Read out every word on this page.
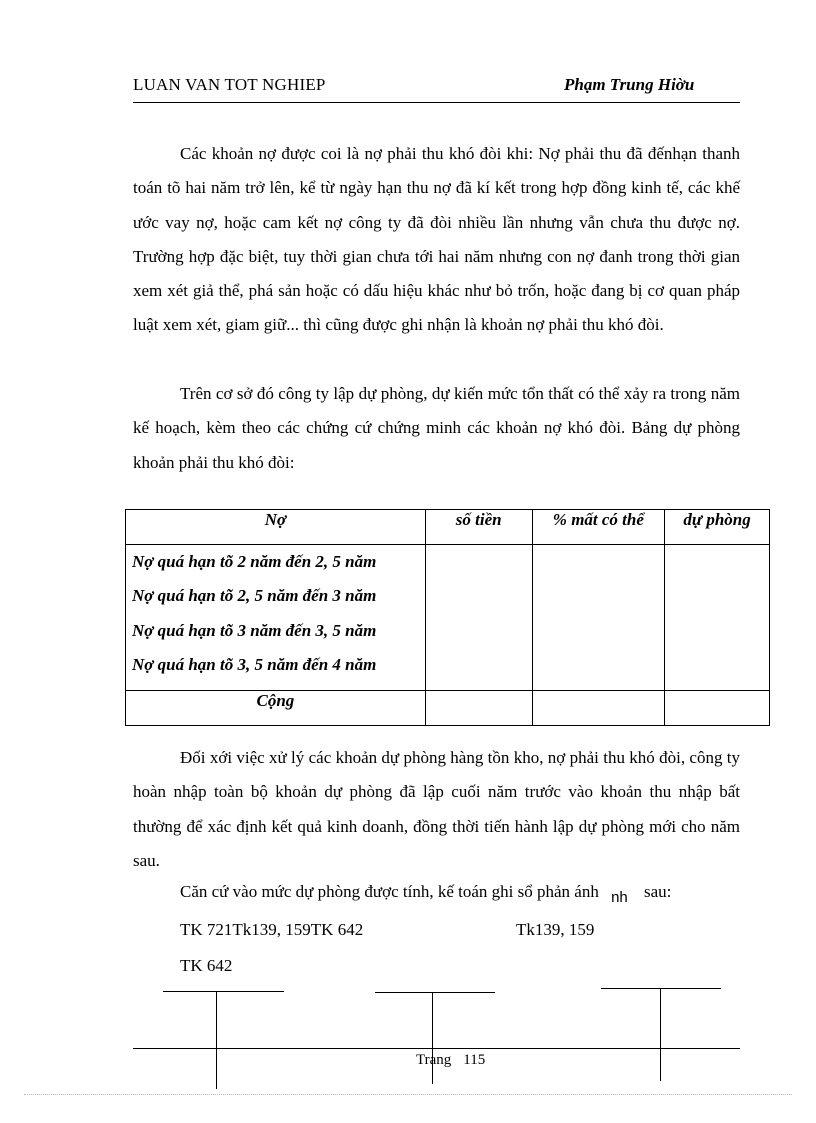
LUAN VAN TOT NGHIEP	Phạm Trung Hiờu

Các khoản nợ được coi là nợ phải thu khó đòi khi: Nợ phải thu đã đếnhạn thanh toán tõ hai năm trở lên, kể từ ngày hạn thu nợ đã kí kết trong hợp đồng kinh tế, các khế ước vay nợ, hoặc cam kết nợ công ty đã đòi nhiều lần nhưng vẫn chưa thu được nợ. Trường hợp đặc biệt, tuy thời gian chưa tới hai năm nhưng con nợ đanh trong thời gian xem xét giả thể, phá sản hoặc có dấu hiệu khác như bỏ trốn, hoặc đang bị cơ quan pháp luật xem xét, giam giữ... thì cũng được ghi nhận là khoản nợ phải thu khó đòi.

Trên cơ sở đó công ty lập dự phòng, dự kiến mức tổn thất có thể xảy ra trong năm kế hoạch, kèm theo các chứng cứ chứng minh các khoản nợ khó đòi. Bảng dự phòng khoản phải thu khó đòi:

Nợ	số tiền	% mất có thể	dự phòng

Nợ quá hạn tõ 2 năm đến 2, 5 năm
Nợ quá hạn tõ 2, 5 năm đến 3 năm
Nợ quá hạn tõ 3 năm đến 3, 5 năm
Nợ quá hạn tõ 3, 5 năm đến 4 năm			

Cộng			

Đối xới việc xử lý các khoản dự phòng hàng tồn kho, nợ phải thu khó đòi, công ty hoàn nhập toàn bộ khoản dự phòng đã lập cuối năm trước vào khoản thu nhập bất thường để xác định kết quả kinh doanh, đồng thời tiến hành lập dự phòng mới cho năm sau.

Căn cứ vào mức dự phòng được tính, kế toán ghi sổ phản ánh nh sau:
TK 721Tk139, 159TK 642	Tk139, 159
TK 642
Trang 115
